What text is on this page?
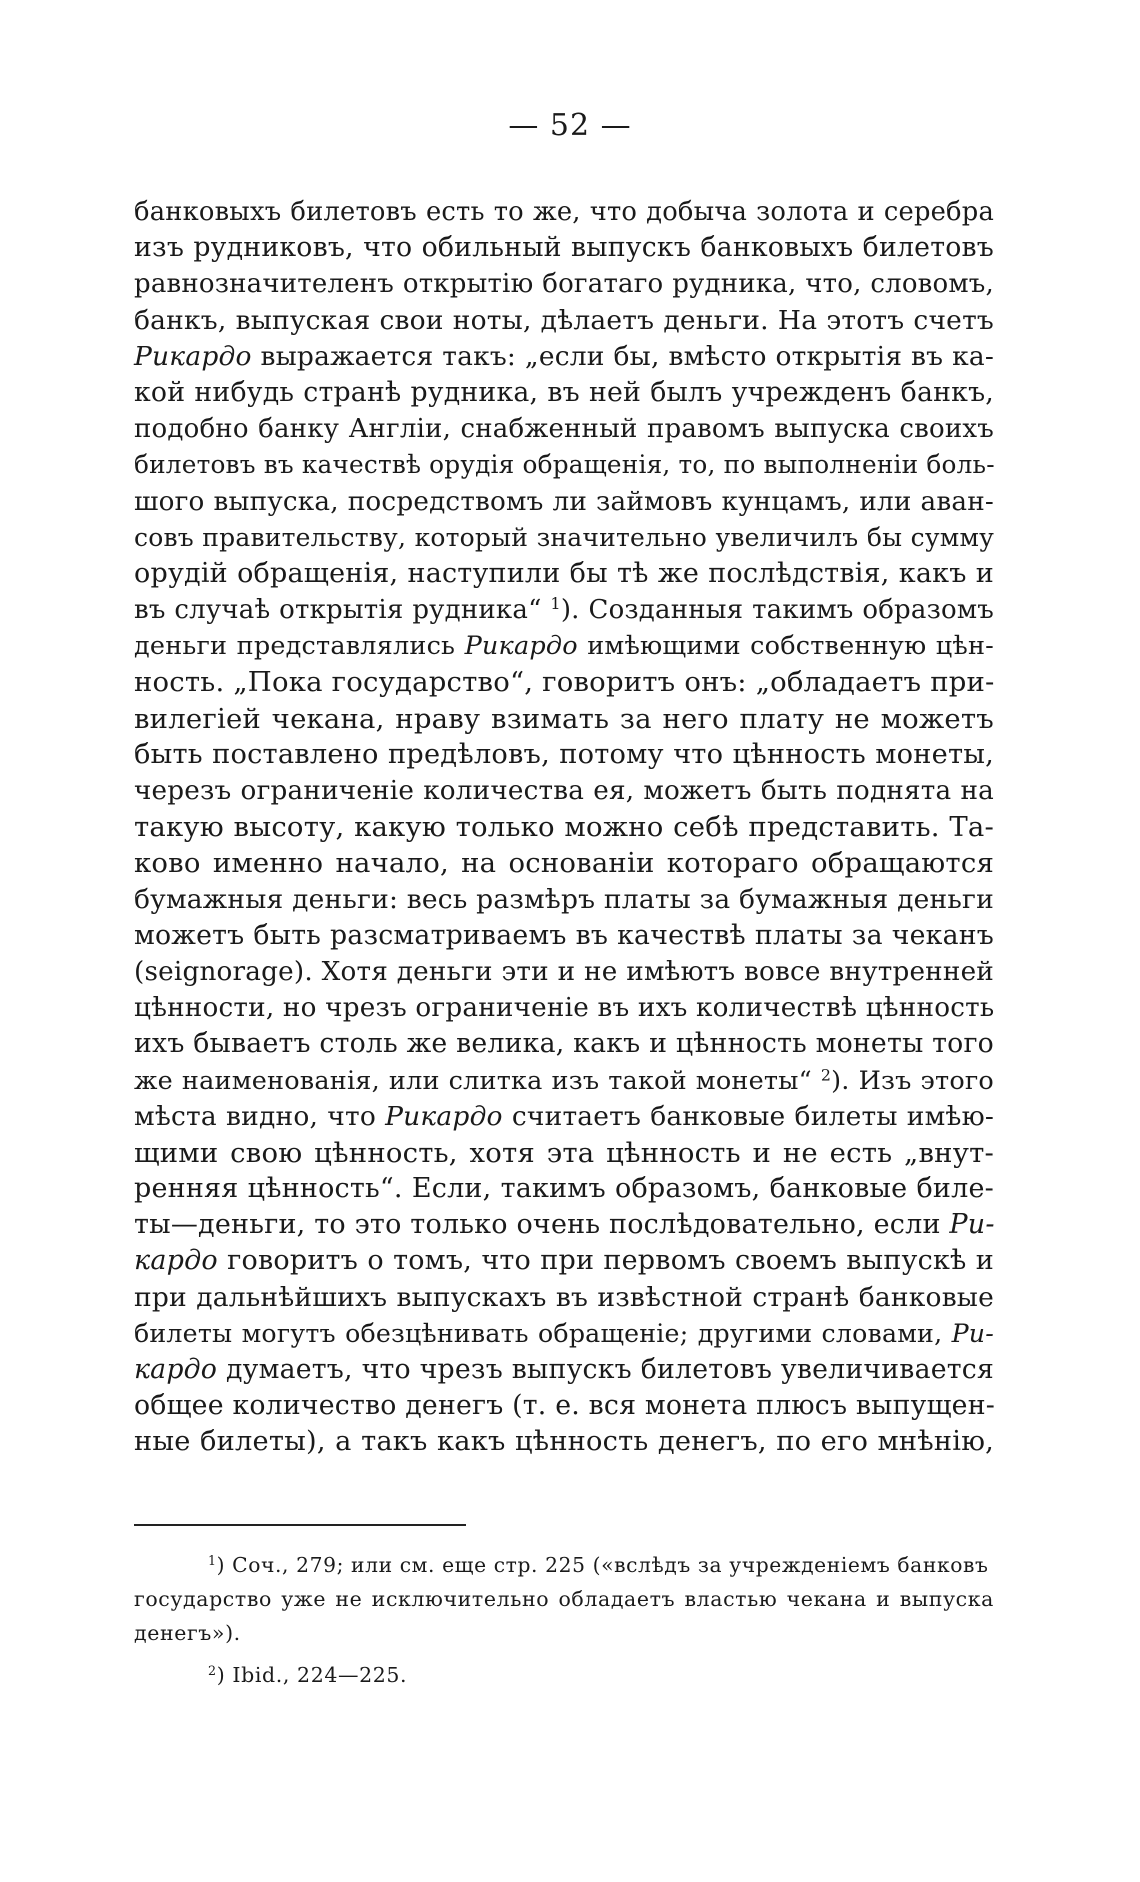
— 52 —
банковыхъ билетовъ есть то же, что добыча золота и серебра
изъ рудниковъ, что обильный выпускъ банковыхъ билетовъ
равнозначителенъ открытію богатаго рудника, что, словомъ,
банкъ, выпуская свои ноты, дѣлаетъ деньги. На этотъ счетъ
Рикардо выражается такъ: „если бы, вмѣсто открытія въ ка-
кой нибудь странѣ рудника, въ ней былъ учрежденъ банкъ,
подобно банку Англіи, снабженный правомъ выпуска своихъ
билетовъ въ качествѣ орудія обращенія, то, по выполненіи боль-
шого выпуска, посредствомъ ли займовъ кунцамъ, или аван-
совъ правительству, который значительно увеличилъ бы сумму
орудій обращенія, наступили бы тѣ же послѣдствія, какъ и
въ случаѣ открытія рудника“ $^1$). Созданныя такимъ образомъ
деньги представлялись Рикардо имѣющими собственную цѣн-
ность. „Пока государство“, говоритъ онъ: „обладаетъ при-
вилегіей чекана, нраву взимать за него плату не можетъ
быть поставлено предѣловъ, потому что цѣнность монеты,
черезъ ограниченіе количества ея, можетъ быть поднята на
такую высоту, какую только можно себѣ представить. Та-
ково именно начало, на основаніи котораго обращаются
бумажныя деньги: весь размѣръ платы за бумажныя деньги
можетъ быть разсматриваемъ въ качествѣ платы за чеканъ
(seignorage). Хотя деньги эти и не имѣютъ вовсе внутренней
цѣнности, но чрезъ ограниченіе въ ихъ количествѣ цѣнность
ихъ бываетъ столь же велика, какъ и цѣнность монеты того
же наименованія, или слитка изъ такой монеты“ $^2$). Изъ этого
мѣста видно, что Рикардо считаетъ банковые билеты имѣю-
щими свою цѣнность, хотя эта цѣнность и не есть „внут-
ренняя цѣнность“. Если, такимъ образомъ, банковые биле-
ты—деньги, то это только очень послѣдовательно, если Ри-
кардо говоритъ о томъ, что при первомъ своемъ выпускѣ и
при дальнѣйшихъ выпускахъ въ извѣстной странѣ банковые
билеты могутъ обезцѣнивать обращеніе; другими словами, Ри-
кардо думаетъ, что чрезъ выпускъ билетовъ увеличивается
общее количество денегъ (т. е. вся монета плюсъ выпущен-
ные билеты), а такъ какъ цѣнность денегъ, по его мнѣнію,
$^1$) Соч., 279; или см. еще стр. 225 («вслѣдъ за учрежденіемъ банковъ
государство уже не исключительно обладаетъ властью чекана и выпуска
денегъ»).
$^2$) Ibid., 224—225.
